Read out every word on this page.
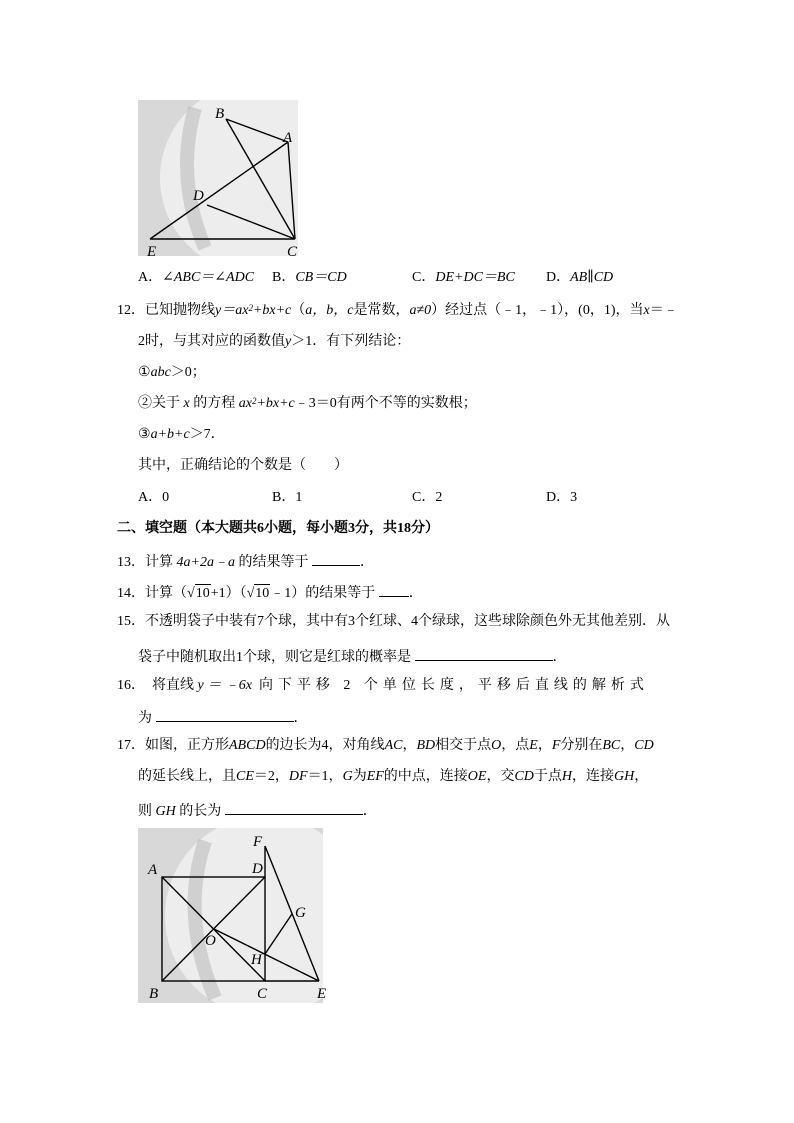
B
A
D
E	C
A．∠ABC＝∠ADC B．CB＝CD	C．DE+DC＝BC D．AB∥CD
12．已知抛物线$y=ax^2+bx+c(a$，b，c是常数，a≠0）经过点（﹣1，﹣1），(0，1)，当x＝﹣
2时，与其对应的函数值y＞1．有下列结论：
①abc＞0；
②关于 x 的方程 $ax^2+bx+c﹣3=0$有两个不等的实数根；
③a+b+c＞7．
其中，正确结论的个数是（　　）
A．0	B．1	C．2	D．3
二、填空题（本大题共6小题，每小题3分，共18分）
13．计算 4a+2a﹣a 的结果等于	．
14．计算（√10+1）（√10﹣1）的结果等于 ．
15．不透明袋子中装有7个球，其中有3个红球、4个绿球，这些球除颜色外无其他差别．从
袋子中随机取出1个球，则它是红球的概率是	．
16． 将直线 y ＝ ﹣6x 向下平移 2 个单位长度，平移后直线的解析式
为	．
17．如图，正方形ABCD的边长为4，对角线AC，BD相交于点O，点E，F分别在BC，CD
的延长线上，且CE＝2，DF＝1，G为EF的中点，连接OE，交CD于点H，连接GH，
则 GH 的长为	．
F
D
A
G
O
H
B	C	E
